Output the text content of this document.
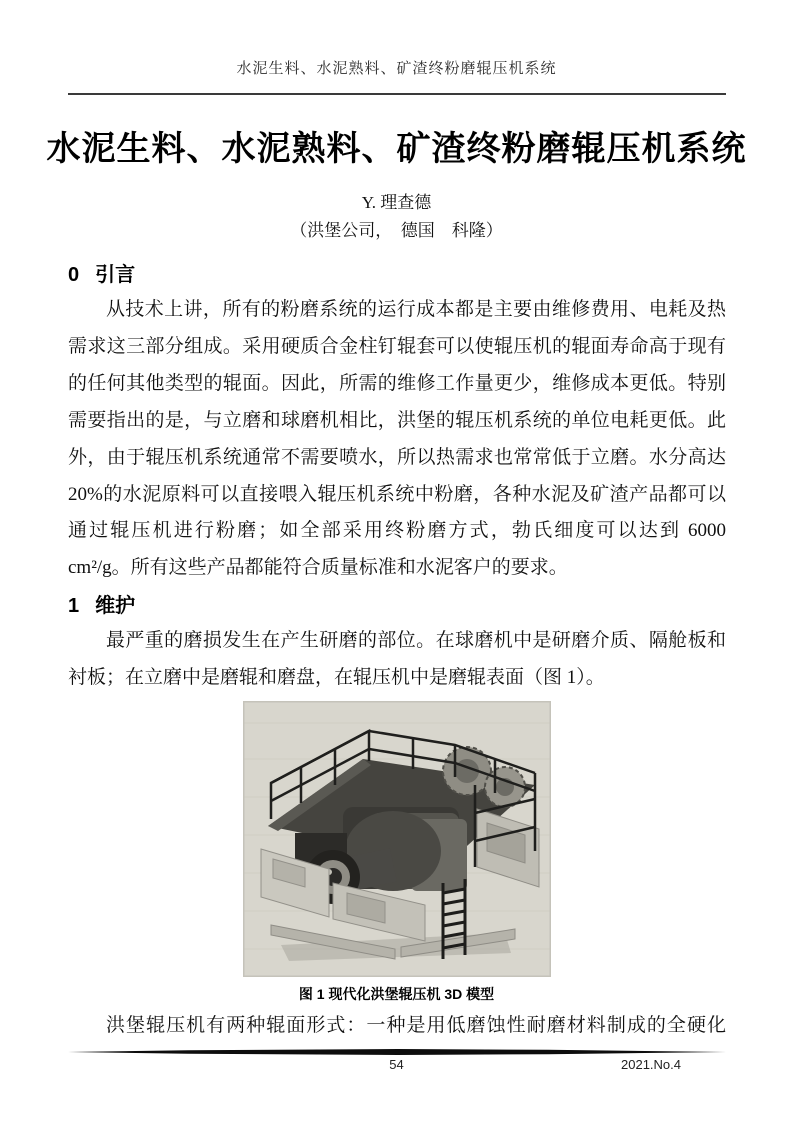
水泥生料、水泥熟料、矿渣终粉磨辊压机系统
水泥生料、水泥熟料、矿渣终粉磨辊压机系统
Y. 理查德
（洪堡公司，　德国　科隆）
0 引言

从技术上讲，所有的粉磨系统的运行成本都是主要由维修费用、电耗及热需求这三部分组成。采用硬质合金柱钉辊套可以使辊压机的辊面寿命高于现有的任何其他类型的辊面。因此，所需的维修工作量更少，维修成本更低。特别需要指出的是，与立磨和球磨机相比，洪堡的辊压机系统的单位电耗更低。此外，由于辊压机系统通常不需要喷水，所以热需求也常常低于立磨。水分高达 20%的水泥原料可以直接喂入辊压机系统中粉磨，各种水泥及矿渣产品都可以通过辊压机进行粉磨；如全部采用终粉磨方式，勃氏细度可以达到 6000 cm²/g。所有这些产品都能符合质量标准和水泥客户的要求。

1 维护

最严重的磨损发生在产生研磨的部位。在球磨机中是研磨介质、隔舱板和衬板；在立磨中是磨辊和磨盘，在辊压机中是磨辊表面（图 1）。

图 1 现代化洪堡辊压机 3D 模型

洪堡辊压机有两种辊面形式：一种是用低磨蚀性耐磨材料制成的全硬化

54	2021.No.4
